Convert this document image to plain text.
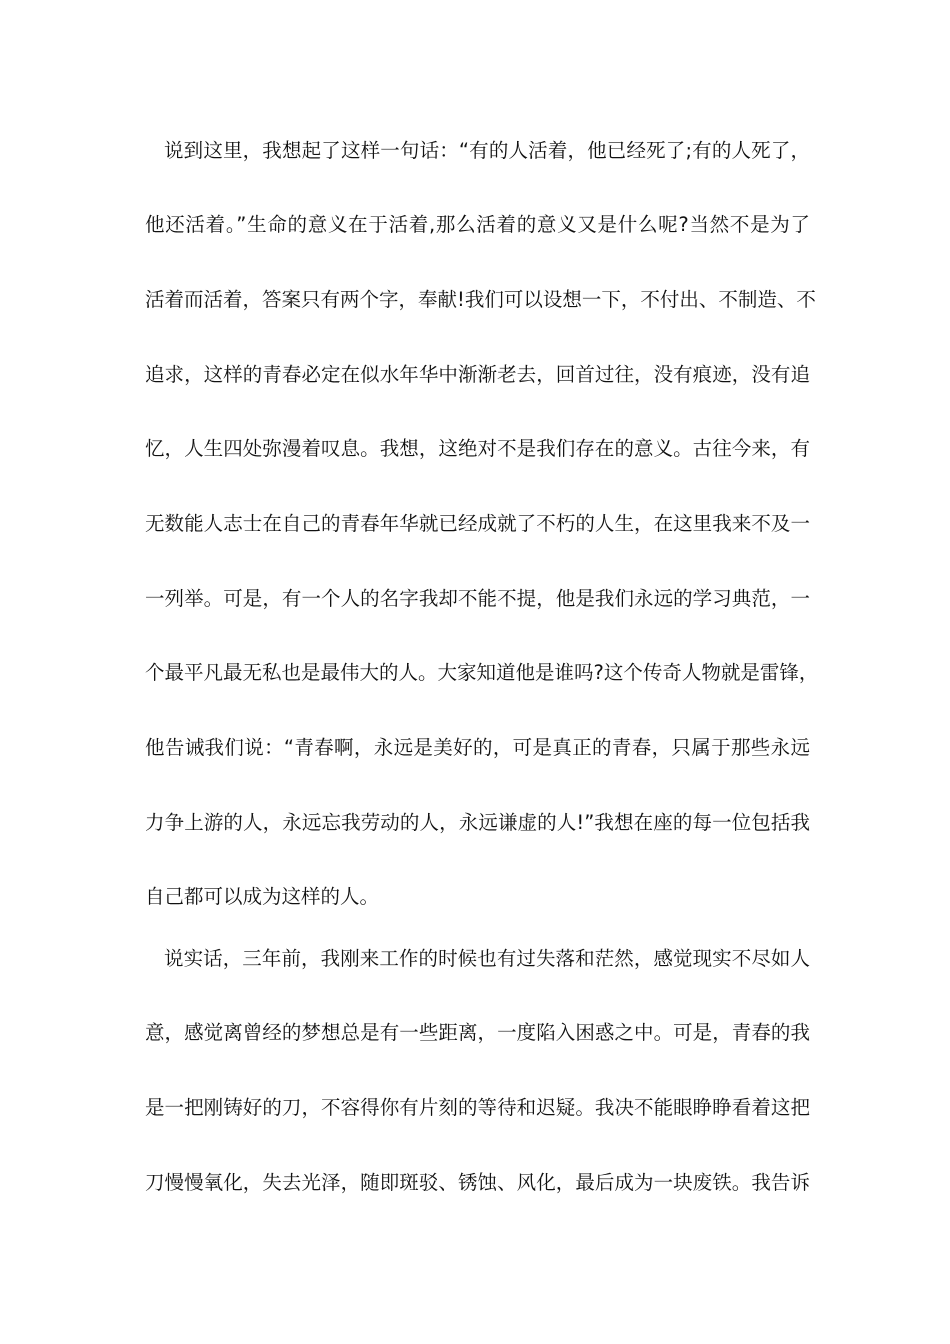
说到这里，我想起了这样一句话：“有的人活着，他已经死了;有的人死了，
他还活着。”生命的意义在于活着,那么活着的意义又是什么呢?当然不是为了
活着而活着，答案只有两个字，奉献!我们可以设想一下，不付出、不制造、不
追求，这样的青春必定在似水年华中渐渐老去，回首过往，没有痕迹，没有追
忆，人生四处弥漫着叹息。我想，这绝对不是我们存在的意义。古往今来，有
无数能人志士在自己的青春年华就已经成就了不朽的人生，在这里我来不及一
一列举。可是，有一个人的名字我却不能不提，他是我们永远的学习典范，一
个最平凡最无私也是最伟大的人。大家知道他是谁吗?这个传奇人物就是雷锋，
他告诫我们说：“青春啊，永远是美好的，可是真正的青春，只属于那些永远
力争上游的人，永远忘我劳动的人，永远谦虚的人!”我想在座的每一位包括我
自己都可以成为这样的人。
说实话，三年前，我刚来工作的时候也有过失落和茫然，感觉现实不尽如人
意，感觉离曾经的梦想总是有一些距离，一度陷入困惑之中。可是，青春的我
是一把刚铸好的刀，不容得你有片刻的等待和迟疑。我决不能眼睁睁看着这把
刀慢慢氧化，失去光泽，随即斑驳、锈蚀、风化，最后成为一块废铁。我告诉
